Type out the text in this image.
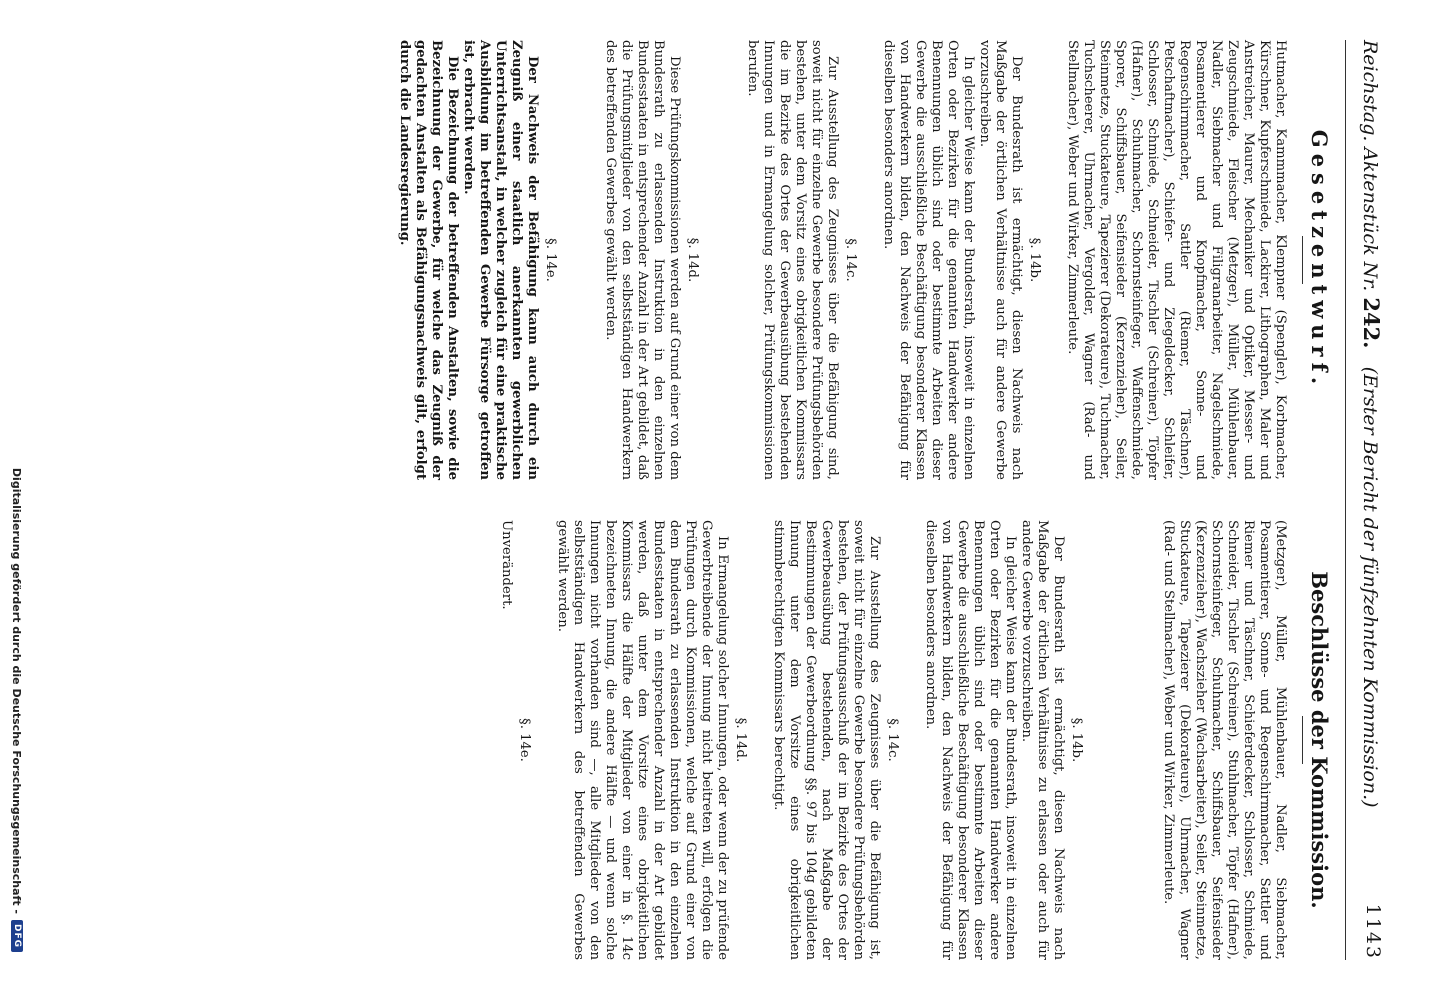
Reichstag. Aktenstück Nr. 242.   (Erster Bericht der fünfzehnten Kommission.)
1143
Gesetzentwurf.

Hutmacher, Kammmacher, Klempner (Spengler), Korbmacher, Kürschner, Kupferschmiede, Lackirer, Lithographen, Maler und Anstreicher, Maurer, Mechaniker und Optiker, Messer- und Zeugschmiede, Fleischer (Metzger), Müller, Mühlenbauer, Nadler, Siebmacher und Filigranarbeiter, Nagelschmiede, Posamentierer und Knopfmacher, Sonne- und Regenschirmmacher, Sattler (Riemer, Täschner), Petschaftmacher), Schiefer- und Ziegeldecker, Schleifer, Schlosser, Schmiede, Schneider, Tischler (Schreiner), Töpfer (Hafner), Schuhmacher, Schornsteinfeger, Waffenschmiede, Sporer, Schiffsbauer, Seifensieder (Kerzenzieher), Seiler, Steinmetze, Stuckateure, Tapezierer (Dekorateure), Tuchmacher, Tuchscheerer, Uhrmacher, Vergolder, Wagner (Rad- und Stellmacher), Weber und Wirker, Zimmerleute.

§. 14b.

Der Bundesrath ist ermächtigt, diesen Nachweis nach Maßgabe der örtlichen Verhältnisse auch für andere Gewerbe vorzuschreiben.

In gleicher Weise kann der Bundesrath, insoweit in einzelnen Orten oder Bezirken für die genannten Handwerker andere Benennungen üblich sind oder bestimmte Arbeiten dieser Gewerbe die ausschließliche Beschäftigung besonderer Klassen von Handwerkern bilden, den Nachweis der Befähigung für dieselben besonders anordnen.

§. 14c.

Zur Ausstellung des Zeugnisses über die Befähigung sind, soweit nicht für einzelne Gewerbe besondere Prüfungsbehörden bestehen, unter dem Vorsitz eines obrigkeitlichen Kommissars die im Bezirke des Ortes der Gewerbeausübung bestehenden Innungen und in Ermangelung solcher, Prüfungskommissionen berufen.

§. 14d.

Diese Prüfungskommissionen werden auf Grund einer von dem Bundesrath zu erlassenden Instruktion in den einzelnen Bundesstaaten in entsprechender Anzahl in der Art gebildet, daß die Prüfungsmitglieder von den selbstständigen Handwerkern des betreffenden Gewerbes gewählt werden.

§. 14e.

Der Nachweis der Befähigung kann auch durch ein Zeugniß einer staatlich anerkannten gewerblichen Unterrichtsanstalt, in welcher zugleich für eine praktische Ausbildung im betreffenden Gewerbe Fürsorge getroffen ist, erbracht werden.

Die Bezeichnung der betreffenden Anstalten, sowie die Bezeichnung der Gewerbe, für welche das Zeugniß der gedachten Anstalten als Befähigungsnachweis gilt, erfolgt durch die Landesregierung.

Beschlüsse der Kommission.

(Metzger), Müller, Mühlenbauer, Nadler, Siebmacher, Posamentierer, Sonne- und Regenschirmmacher, Sattler und Riemer und Täschner, Schieferdecker, Schlosser, Schmiede, Schneider, Tischler (Schreiner), Stuhlmacher, Töpfer (Hafner), Schornsteinfeger, Schuhmacher, Schiffsbauer, Seifensieder (Kerzenzieher), Wachszieher (Wachsarbeiter), Seiler, Steinmetze, Stuckateure, Tapezierer (Dekorateure), Uhrmacher, Wagner (Rad- und Stellmacher), Weber und Wirker, Zimmerleute.

§. 14b.

Der Bundesrath ist ermächtigt, diesen Nachweis nach Maßgabe der örtlichen Verhältnisse zu erlassen oder auch für andere Gewerbe vorzuschreiben.

In gleicher Weise kann der Bundesrath, insoweit in einzelnen Orten oder Bezirken für die genannten Handwerker andere Benennungen üblich sind oder bestimmte Arbeiten dieser Gewerbe die ausschließliche Beschäftigung besonderer Klassen von Handwerkern bilden, den Nachweis der Befähigung für dieselben besonders anordnen.

§. 14c.

Zur Ausstellung des Zeugnisses über die Befähigung ist, soweit nicht für einzelne Gewerbe besondere Prüfungsbehörden bestehen, der Prüfungsausschuß der im Bezirke des Ortes der Gewerbeausübung bestehenden, nach Maßgabe der Bestimmungen der Gewerbeordnung §§. 97 bis 104g gebildeten Innung unter dem Vorsitze eines obrigkeitlichen stimmberechtigten Kommissars berechtigt.

§. 14d.

In Ermangelung solcher Innungen, oder wenn der zu prüfende Gewerbtreibende der Innung nicht beitreten will, erfolgen die Prüfungen durch Kommissionen, welche auf Grund einer von dem Bundesrath zu erlassenden Instruktion in den einzelnen Bundesstaaten in entsprechender Anzahl in der Art gebildet werden, daß unter dem Vorsitze eines obrigkeitlichen Kommissars die Hälfte der Mitglieder von einer in §. 14c bezeichneten Innung, die andere Hälfte — und wenn solche Innungen nicht vorhanden sind —, alle Mitglieder von den selbstständigen Handwerkern des betreffenden Gewerbes gewählt werden.

§. 14e.

Unverändert.

Digitalisierung gefördert durch die Deutsche Forschungsgemeinschaft -
DFG
